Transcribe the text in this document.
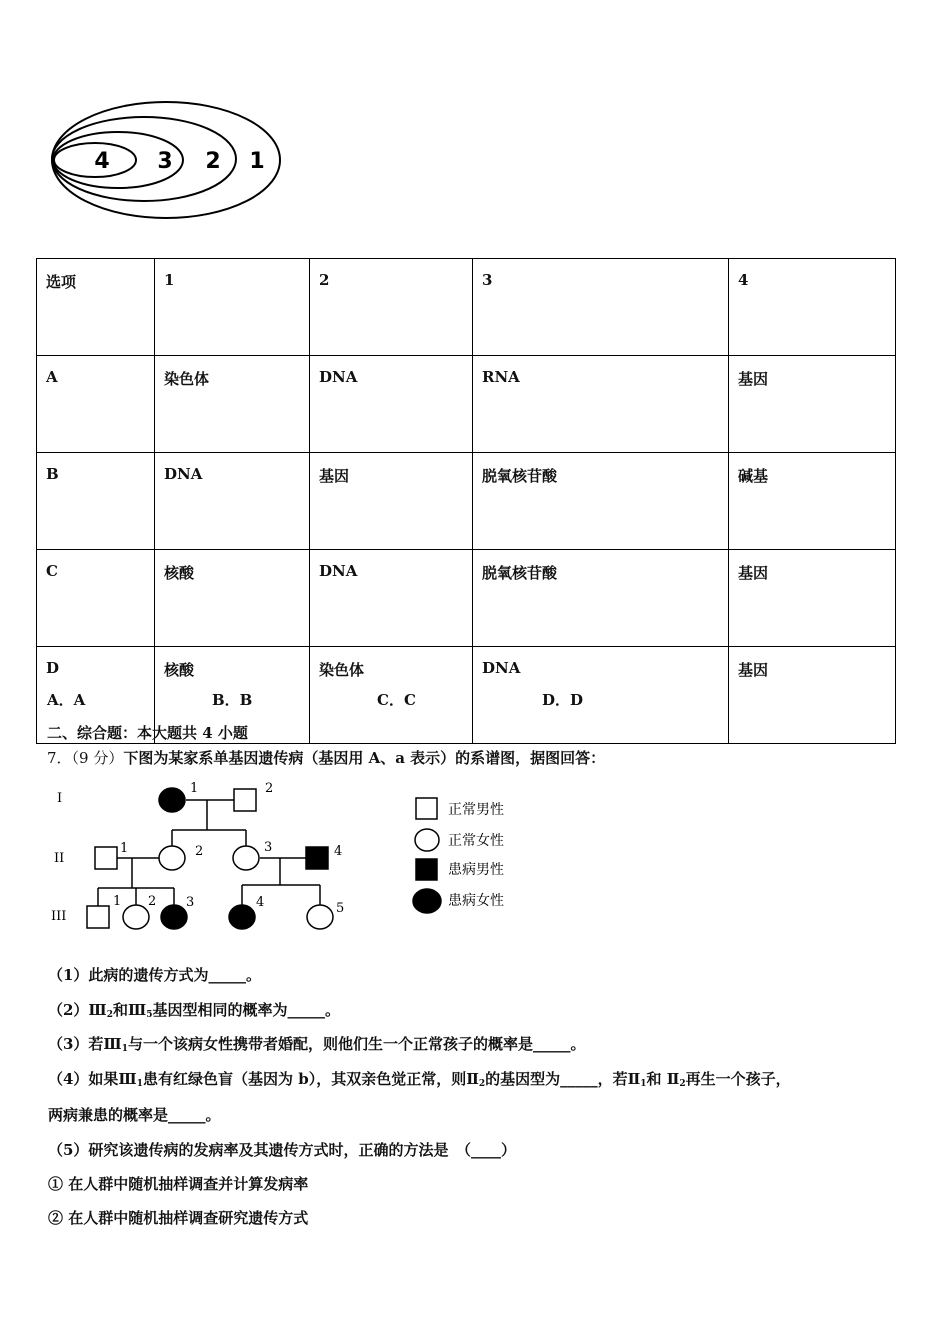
4 3 2 1
选项	1	2	3	4
A	染色体	DNA	RNA	基因
B	DNA	基因	脱氧核苷酸	碱基
C	核酸	DNA	脱氧核苷酸	基因
D	核酸	染色体	DNA	基因
A．A	B．B	C．C	D．D
二、综合题：本大题共 4 小题
7．（9 分）下图为某家系单基因遗传病（基因用 A、a 表示）的系谱图，据图回答：
I
II
III
1	2
1	2	3	4
1 2 3	4	5
正常男性
正常女性
患病男性
患病女性
（1）此病的遗传方式为_____。
$(2)Ⅲ_2$和$Ⅲ_5$基因型相同的概率为_____。
（3）若$Ⅲ_1$与一个该病女性携带者婚配，则他们生一个正常孩子的概率是_____。
（4）如果$Ⅲ_1$患有红绿色盲（基因为 b），其双亲色觉正常，则$Ⅱ_2$的基因型为_____，若$Ⅱ_1$和 $Ⅱ_2$再生一个孩子，
两病兼患的概率是_____。
（5）研究该遗传病的发病率及其遗传方式时，正确的方法是　（____）
① 在人群中随机抽样调查并计算发病率
② 在人群中随机抽样调查研究遗传方式
